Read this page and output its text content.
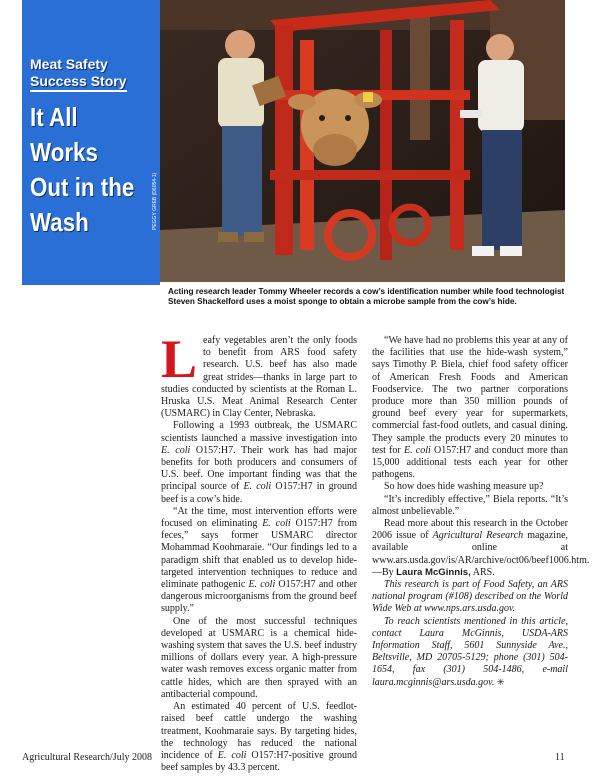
Meat Safety
Success Story
It All
Works
Out in the
Wash
Acting research leader Tommy Wheeler records a cow’s identification number while food technologist
Steven Shackelford uses a moist sponge to obtain a microbe sample from the cow’s hide.

Leafy vegetables aren’t the only foods to benefit from ARS food safety research. U.S. beef has also made great strides—thanks in large part to studies conducted by scientists at the Roman L. Hruska U.S. Meat Animal Research Center (USMARC) in Clay Center, Nebraska.

Following a 1993 outbreak, the USMARC scientists launched a massive investigation into E. coli O157:H7. Their work has had major benefits for both producers and consumers of U.S. beef. One important finding was that the principal source of E. coli O157:H7 in ground beef is a cow’s hide.

“At the time, most intervention efforts were focused on eliminating E. coli O157:H7 from feces,” says former USMARC director Mohammad Koohmaraie. “Our findings led to a paradigm shift that enabled us to develop hide-targeted intervention techniques to reduce and eliminate pathogenic E. coli O157:H7 and other dangerous microorganisms from the ground beef supply.”

One of the most successful techniques developed at USMARC is a chemical hide-washing system that saves the U.S. beef industry millions of dollars every year. A high-pressure water wash removes excess organic matter from cattle hides, which are then sprayed with an antibacterial compound.

An estimated 40 percent of U.S. feedlot-raised beef cattle undergo the washing treatment, Koohmaraie says. By targeting hides, the technology has reduced the national incidence of E. coli O157:H7-positive ground beef samples by 43.3 percent.

“We have had no problems this year at any of the facilities that use the hide-wash system,” says Timothy P. Biela, chief food safety officer of American Fresh Foods and American Foodservice. The two partner corporations produce more than 350 million pounds of ground beef every year for supermarkets, commercial fast-food outlets, and casual dining. They sample the products every 20 minutes to test for E. coli O157:H7 and conduct more than 15,000 additional tests each year for other pathogens.

So how does hide washing measure up?

“It’s incredibly effective,” Biela reports. “It’s almost unbelievable.”

Read more about this research in the October 2006 issue of Agricultural Research magazine, available online at www.ars.usda.gov/is/AR/archive/oct06/beef1006.htm.—By Laura McGinnis, ARS.

This research is part of Food Safety, an ARS national program (#108) described on the World Wide Web at www.nps.ars.usda.gov.

To reach scientists mentioned in this article, contact Laura McGinnis, USDA-ARS Information Staff, 5601 Sunnyside Ave., Beltsville, MD 20705-5129; phone (301) 504-1654, fax (301) 504-1486, e-mail laura.mcginnis@ars.usda.gov. ✳

Agricultural Research/July 2008	11
